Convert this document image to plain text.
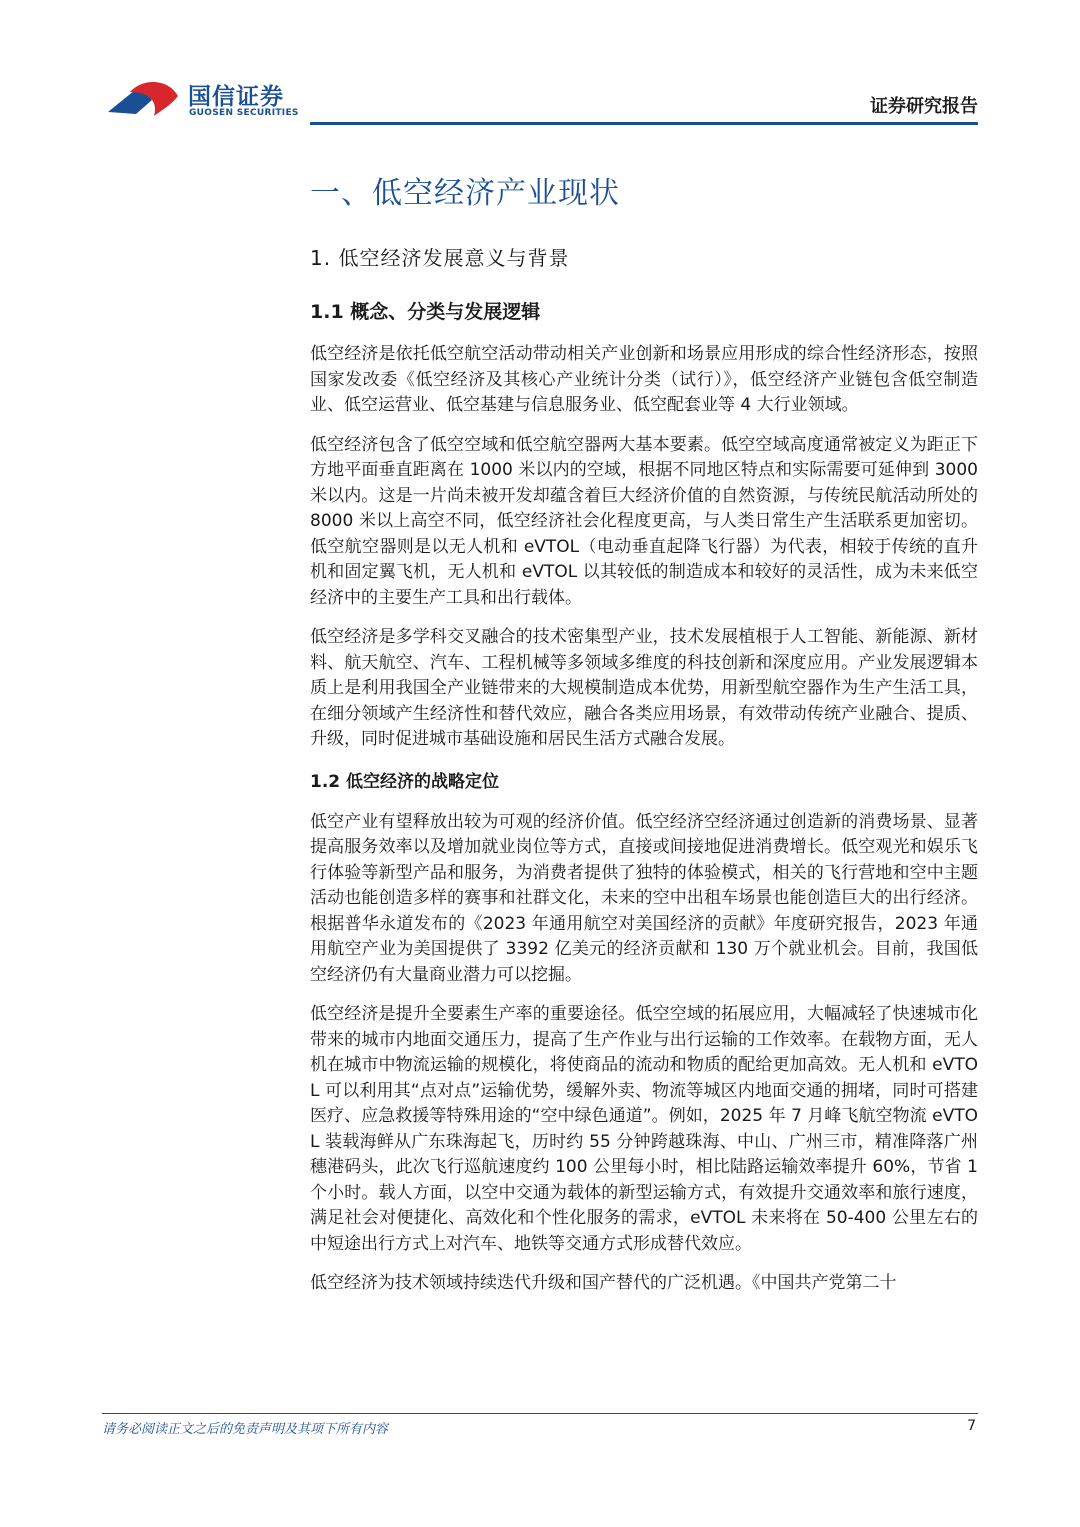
国信证券
GUOSEN SECURITIES	证券研究报告
一、低空经济产业现状
1. 低空经济发展意义与背景
1.1 概念、分类与发展逻辑

低空经济是依托低空航空活动带动相关产业创新和场景应用形成的综合性经济形态，按照国家发改委《低空经济及其核心产业统计分类（试行）》，低空经济产业链包含低空制造业、低空运营业、低空基建与信息服务业、低空配套业等 4 大行业领域。

低空经济包含了低空空域和低空航空器两大基本要素。低空空域高度通常被定义为距正下方地平面垂直距离在 1000 米以内的空域，根据不同地区特点和实际需要可延伸到 3000 米以内。这是一片尚未被开发却蕴含着巨大经济价值的自然资源，与传统民航活动所处的 8000 米以上高空不同，低空经济社会化程度更高，与人类日常生产生活联系更加密切。低空航空器则是以无人机和 eVTOL（电动垂直起降飞行器）为代表，相较于传统的直升机和固定翼飞机，无人机和 eVTOL 以其较低的制造成本和较好的灵活性，成为未来低空经济中的主要生产工具和出行载体。

低空经济是多学科交叉融合的技术密集型产业，技术发展植根于人工智能、新能源、新材料、航天航空、汽车、工程机械等多领域多维度的科技创新和深度应用。产业发展逻辑本质上是利用我国全产业链带来的大规模制造成本优势，用新型航空器作为生产生活工具，在细分领域产生经济性和替代效应，融合各类应用场景，有效带动传统产业融合、提质、升级，同时促进城市基础设施和居民生活方式融合发展。

1.2 低空经济的战略定位

低空产业有望释放出较为可观的经济价值。低空经济空经济通过创造新的消费场景、显著提高服务效率以及增加就业岗位等方式，直接或间接地促进消费增长。低空观光和娱乐飞行体验等新型产品和服务，为消费者提供了独特的体验模式，相关的飞行营地和空中主题活动也能创造多样的赛事和社群文化，未来的空中出租车场景也能创造巨大的出行经济。根据普华永道发布的《2023 年通用航空对美国经济的贡献》年度研究报告，2023 年通用航空产业为美国提供了 3392 亿美元的经济贡献和 130 万个就业机会。目前，我国低空经济仍有大量商业潜力可以挖掘。

低空经济是提升全要素生产率的重要途径。低空空域的拓展应用，大幅减轻了快速城市化带来的城市内地面交通压力，提高了生产作业与出行运输的工作效率。在载物方面，无人机在城市中物流运输的规模化，将使商品的流动和物质的配给更加高效。无人机和 eVTOL 可以利用其“点对点”运输优势，缓解外卖、物流等城区内地面交通的拥堵，同时可搭建医疗、应急救援等特殊用途的“空中绿色通道”。例如，2025 年 7 月峰飞航空物流 eVTOL 装载海鲜从广东珠海起飞，历时约 55 分钟跨越珠海、中山、广州三市，精准降落广州穗港码头，此次飞行巡航速度约 100 公里每小时，相比陆路运输效率提升 60%，节省 1 个小时。载人方面，以空中交通为载体的新型运输方式，有效提升交通效率和旅行速度，满足社会对便捷化、高效化和个性化服务的需求，eVTOL 未来将在 50-400 公里左右的中短途出行方式上对汽车、地铁等交通方式形成替代效应。

低空经济为技术领域持续迭代升级和国产替代的广泛机遇。《中国共产党第二十

请务必阅读正文之后的免责声明及其项下所有内容	7
